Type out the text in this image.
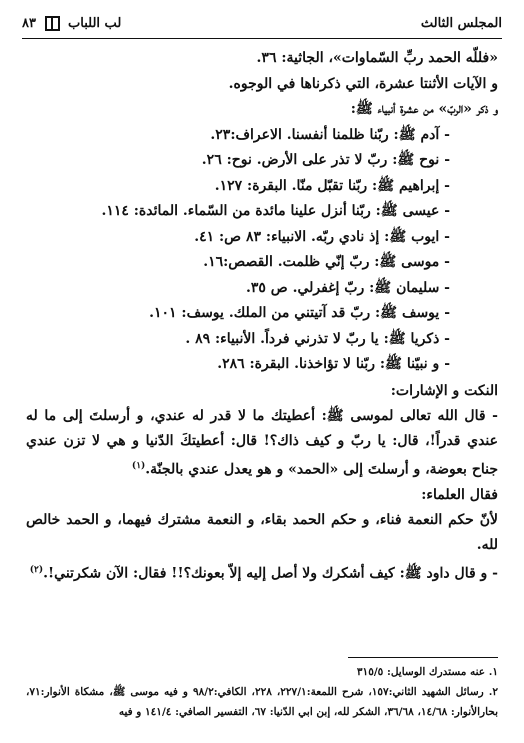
المجلس الثالث
لب اللباب  ٨٣
«فللّه الحمد ربِّ السّماوات»، الجاثية: ٣٦.
و الآيات الأثنتا عشرة، التي ذكرناها في الوجوه.
و ذكر «الربّ» من عشرة أنبياء ﷺ:
- آدم ﷺ: ربّنا ظلمنا أنفسنا. الاعراف:٢٣.
- نوح ﷺ: ربّ لا تذر على الأرض. نوح: ٢٦.
- إبراهيم ﷺ: ربّنا تقبّل منّا. البقرة: ١٢٧.
- عيسى ﷺ: ربّنا أنزل علينا مائدة من السّماء. المائدة: ١١٤.
- ايوب ﷺ: إذ نادي ربّه. الانبياء: ٨٣ ص: ٤١.
- موسى ﷺ: ربّ إنّي ظلمت. القصص:١٦.
- سليمان ﷺ: ربّ إغفرلي. ص ٣٥.
- يوسف ﷺ: ربّ قد آتيتني من الملك. يوسف: ١٠١.
- ذكريا ﷺ: يا ربّ لا تذرني فرداً. الأنبياء: ٨٩ .
- و نبيّنا ﷺ: ربّنا لا تؤاخذنا. البقرة: ٢٨٦.
النكت و الإشارات:
- قال الله تعالى لموسى ﷺ: أعطيتك ما لا قدر له عندي، و أرسلتَ إلى ما له عندي قدراً!، قال: يا ربّ و كيف ذاك؟! قال: أعطيتكَ الدّنيا و هي لا تزن عندي جناح بعوضة، و أرسلتَ إلى «الحمد» و هو يعدل عندي بالجنّة.$^{(١)}$
فقال العلماء:
لأنّ حكم النعمة فناء، و حكم الحمد بقاء، و النعمة مشترك فيهما، و الحمد خالص لله.
- و قال داود ﷺ: كيف أشكرك ولا أصل إليه إلاّ بعونك؟!! فقال: الآن شكرتني!.$^{(٢)}$
١. عنه مستدرك الوسايل: ٣١٥/٥
٢. رسائل الشهيد الثاني:١٥٧، شرح اللمعة:٢٢٧/١، ٢٢٨، الكافي:٩٨/٢ و فيه موسى ﷺ، مشكاة الأنوار:٧١، بحارالأنوار: ١٤/٦٨، ٣٦/٦٨، الشكر لله، إبن ابي الدّنيا: ٦٧، التفسير الصافي: ١٤١/٤ و فيه
